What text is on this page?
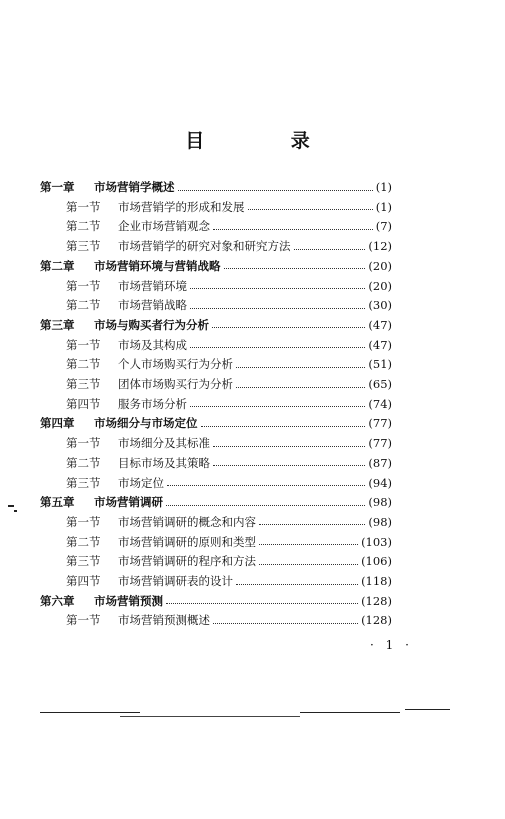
目 录
第一章	市场营销学概述	(1)
第一节	市场营销学的形成和发展	(1)
第二节	企业市场营销观念	(7)
第三节	市场营销学的研究对象和研究方法	(12)
第二章	市场营销环境与营销战略	(20)
第一节	市场营销环境	(20)
第二节	市场营销战略	(30)
第三章	市场与购买者行为分析	(47)
第一节	市场及其构成	(47)
第二节	个人市场购买行为分析	(51)
第三节	团体市场购买行为分析	(65)
第四节	服务市场分析	(74)
第四章	市场细分与市场定位	(77)
第一节	市场细分及其标准	(77)
第二节	目标市场及其策略	(87)
第三节	市场定位	(94)
第五章	市场营销调研	(98)
第一节	市场营销调研的概念和内容	(98)
第二节	市场营销调研的原则和类型	(103)
第三节	市场营销调研的程序和方法	(106)
第四节	市场营销调研表的设计	(118)
第六章	市场营销预测	(128)
第一节	市场营销预测概述	(128)
· 1 ·
